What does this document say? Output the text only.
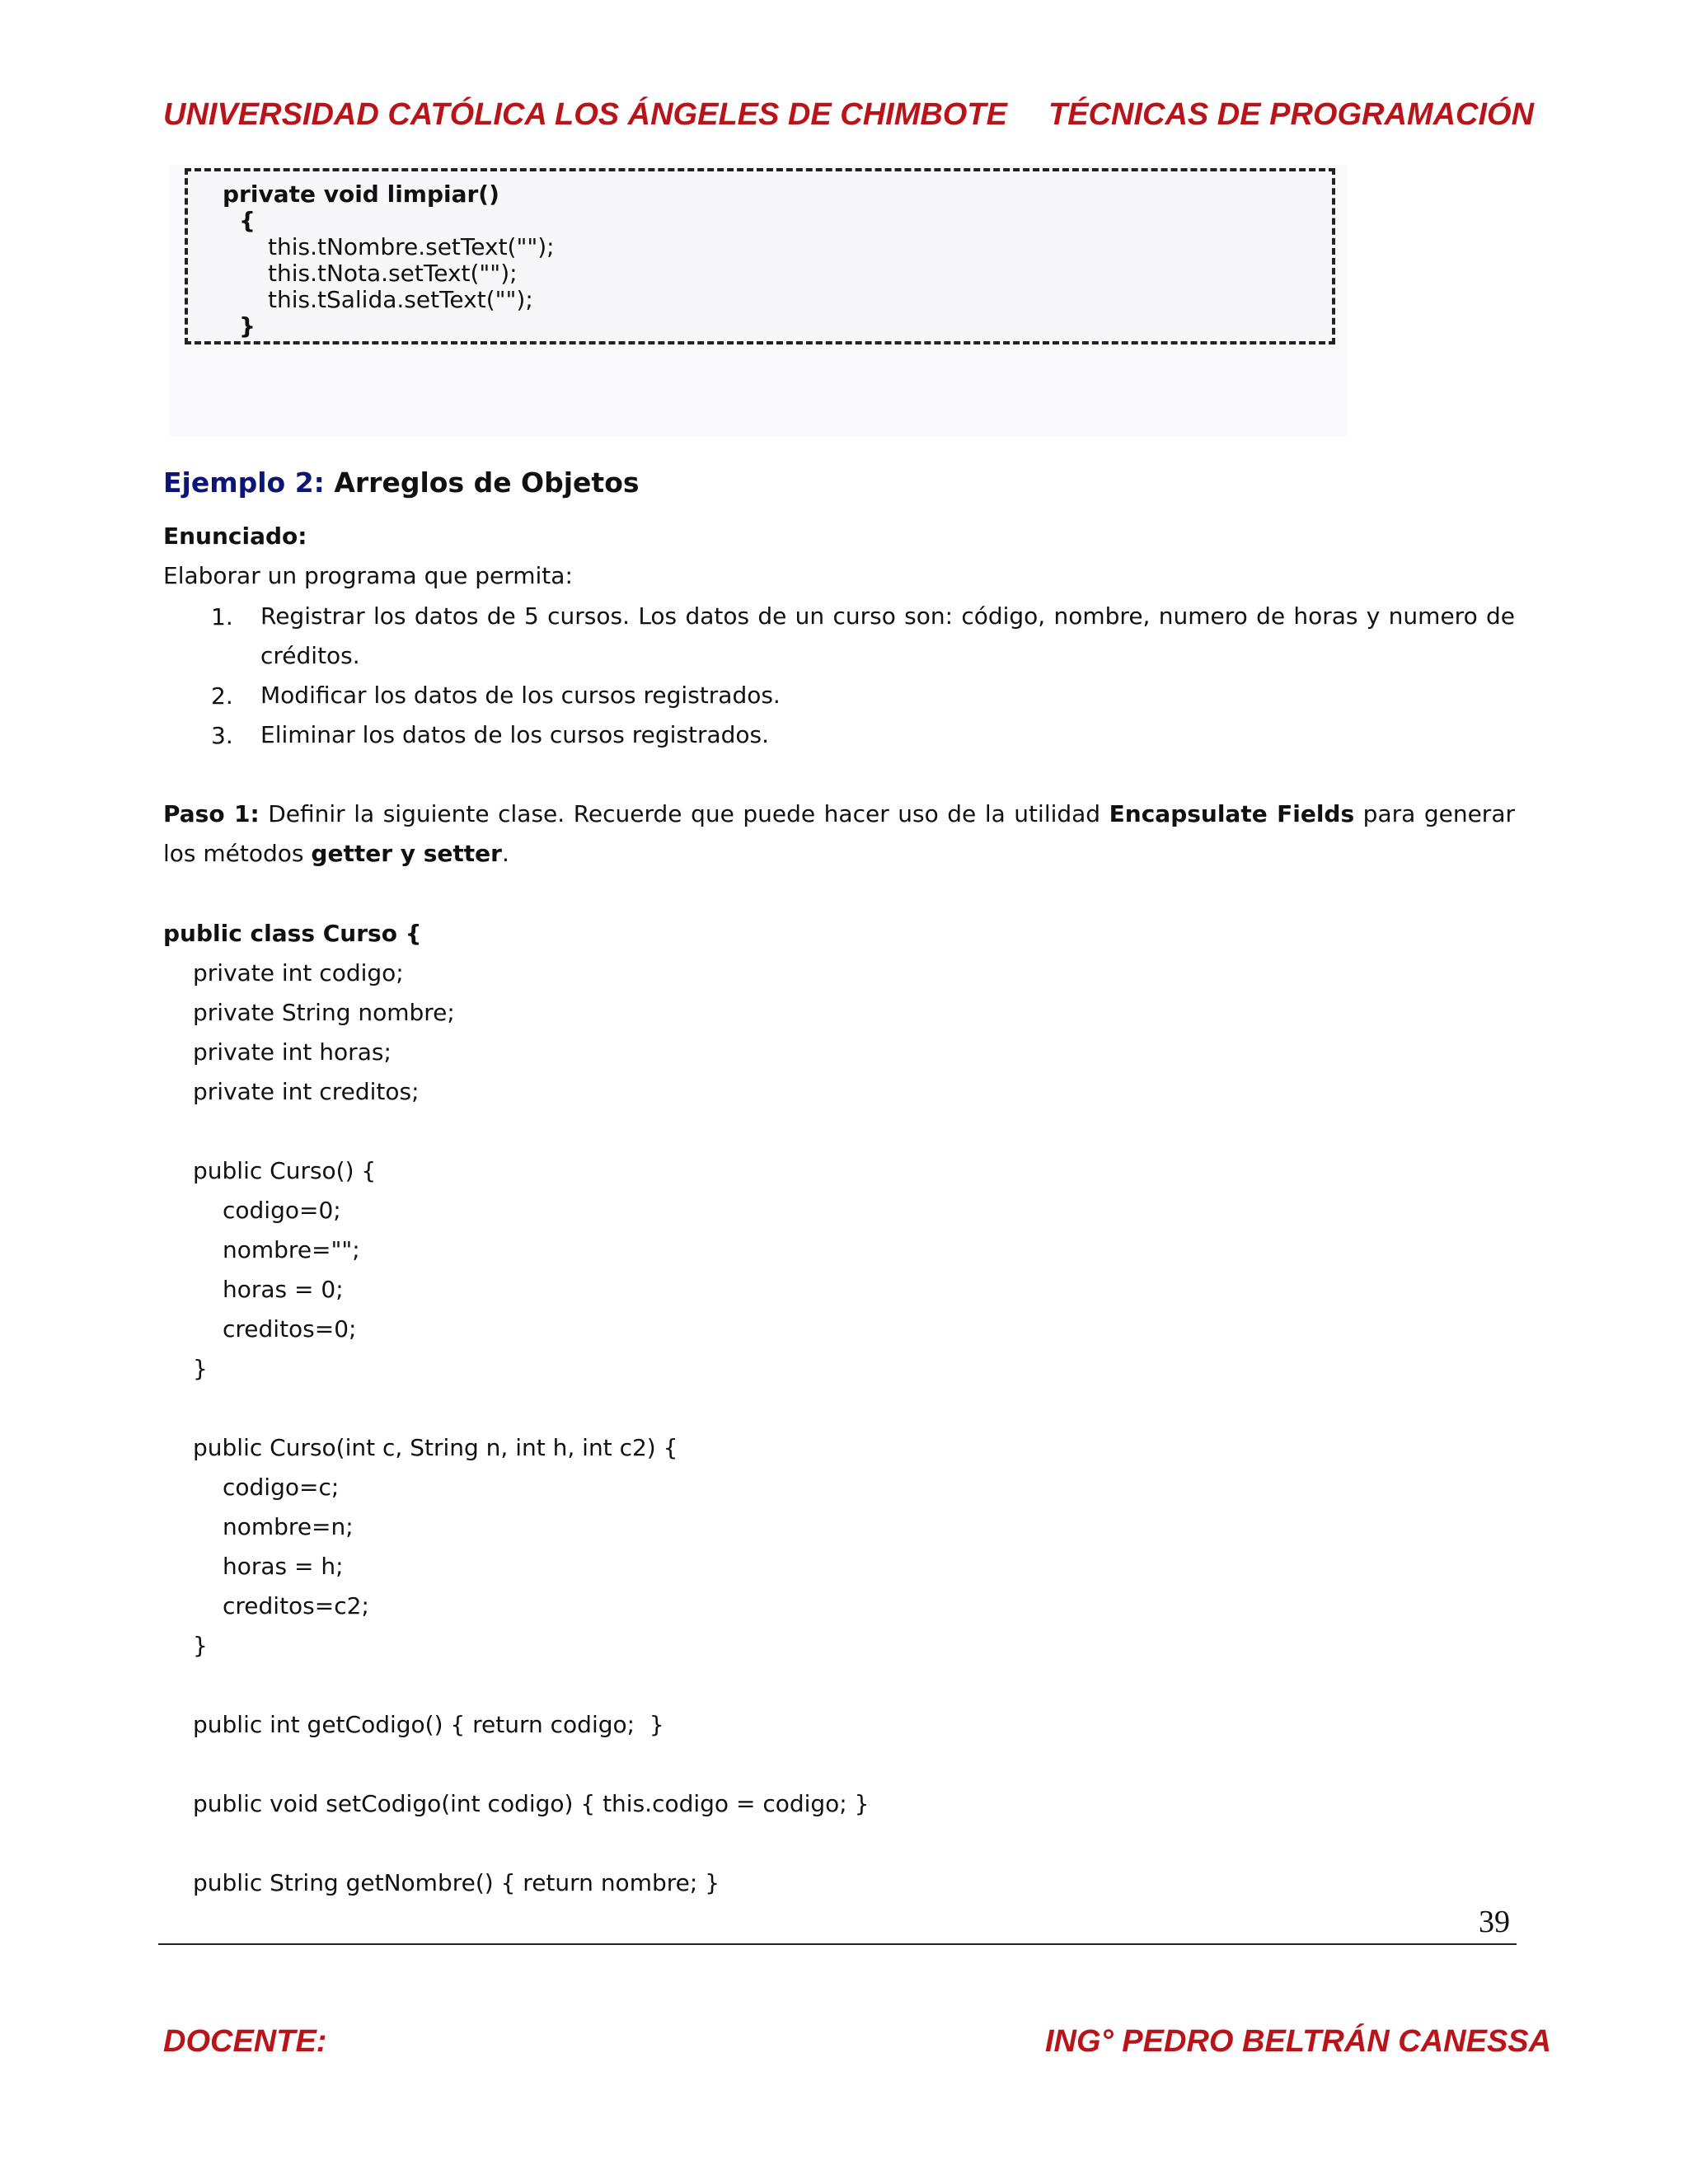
UNIVERSIDAD CATÓLICA LOS ÁNGELES DE CHIMBOTE TÉCNICAS DE PROGRAMACIÓN
private void limpiar()
{
this.tNombre.setText("");
this.tNota.setText("");
this.tSalida.setText("");
}
Ejemplo 2: Arreglos de Objetos
Enunciado:
Elaborar un programa que permita:
1. Registrar los datos de 5 cursos. Los datos de un curso son: código, nombre, numero de horas y numero de créditos.
2. Modificar los datos de los cursos registrados.
3. Eliminar los datos de los cursos registrados.
Paso 1: Definir la siguiente clase. Recuerde que puede hacer uso de la utilidad Encapsulate Fields para generar los métodos getter y setter.
public class Curso {
private int codigo;
private String nombre;
private int horas;
private int creditos;
public Curso() {
codigo=0;
nombre="";
horas = 0;
creditos=0;
}
public Curso(int c, String n, int h, int c2) {
codigo=c;
nombre=n;
horas = h;
creditos=c2;
}
public int getCodigo() { return codigo;  }
public void setCodigo(int codigo) { this.codigo = codigo; }
public String getNombre() { return nombre; }
39
DOCENTE:	ING° PEDRO BELTRÁN CANESSA
